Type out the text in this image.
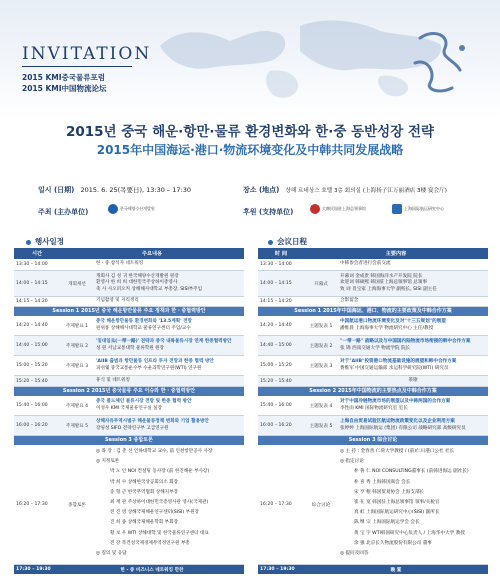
INVITATION
2015 KMI중국물류포럼
2015 KMI中国物流论坛
2015년 중국 해운·항만·물류 환경변화와 한·중 동반성장 전략
2015年中国海运·港口·物流环境变化及中韩共同发展战略
일시 (日期) 2015. 6. 25(목要日), 13:30 – 17:30	장소 (地点) 상해 르네상스 호텔 3층 회의실 (上海扬子江万丽酒店 3楼 宴会厅)
주최 (主办单位)	한국해양수산개발원	후원 (支持单位)	大韩民国驻上海总领事馆	上海国际航运研究中心
행사일정	会议日程
시간	주요내용
13:30 – 14:00	한 · 중 참석자 네트워킹
14:00 – 14:15	개회세션
개회사 김 성 귀 한국해양수산개발원 원장
환영사 한 희 희 대한민국주상하이총영사
축 사 사오퍼오커 상해해사대학교 부총장, SISI부주임
14:15 – 14:20	기념촬영 및 자리정리
Session 1 2015년 중국 해운항만물류 주요 정책과 한 · 중협력방안
14:20 – 14:40	주제발표 1
중국 해운항만물류 환경변화와 '13.5계획' 전망
펀위룽 상해해사대학교 물류연구센터 주임/교수
14:40 – 15:00	주제발표 2
'일대일로(一带一路)' 전략과 중국 내륙물류시장 연계 한중협력방안
성 원 서남교통대학 물류학원 원장
15:00 – 15:20	주제발표 3
'AIIB 출범과 항만물류 인프라 투자 전망과 한중 협력 방안
피쉬웨 중국교통운수부 수운과학연구원(WTI) 연구원
15:20 – 15:40	휴식 및 네트워킹
Session 2 2015년 중국물류 주요 이슈와 한 · 중협력방안
15:40 – 16:00	주제발표 4
중국 콜드체인 물류시장 전망 및 한중 협력 방안
이성우 KMI 국제물류연구실 실장
16:00 – 16:20	주제발표 5
상해자유무역시범구 해운물류정책 변화와 기업 활용방안
장핑성 SIFO 전략연구부 고급연구원
Session 3 종합토론
16:20 – 17:30	종합토론
◎ 좌 장 : 김 춘 선 인하대학교 교수, 前 인천항만공사 사장
◎ 지정토론
박 노 인 NOI 컨설팅 동사장 (前 한진해운 부사장)
박 희 수 상해한국상공회의소 회장
송 형 근 한국무역협회 상해지부장
최 재 관 주상하이대한민국총영사관 영사(국제관)
전 진 영 상해국제해운연구센터(SISI) 부원장
진 희 종 상해국제해운학회 부회장
황 보 우 WTI 상해대학 및 한국물류연구센터 대표
전 강 복건성국제경제무역정연구원 부총
◎ 질의 및 응답
17:30 – 19:30	한 · 중 비즈니스 네트워킹 만찬
时 间	主要内容
13:30 – 14:00	中韩参会者进行会前交流
14:00 – 14:15	开幕式
开幕词 金成贵 韩国海洋水产开发院 院长
欢迎词 韩硕熙 韩国驻上海总领事馆 总领事
致 词 肖宝家 上海海事大学 副校长, SISI 副主任
14:15 – 14:20	合影留念
Session 1 2015年中国海运、港口、物流的主要政策及中韩合作方案
14:20 – 14:40	主题发表 1
中国航运港口物流环境变化及对"十三五规划"的展望
潘维晨 上海海事大学 物流研究中心 主任/教授
14:40 – 15:00	主题发表 2
"一带一路" 战略以及与中国国内陆物流市场衔接的韩中合作方案
张 锦 西南交通大学 物流学院 院长
15:00 – 15:20	主题发表 3
对于"AIIB"投资港口物流基础设施的展望和韩中合作方案
费维军 中国交通运输部 水运科学研究院(WTI) 研究员
15:20 – 15:40	茶歇
Session 2 2015年中国物流的主要热点及中韩合作方案
15:40 – 16:00	主题发表 4
对于中国冷链物流市场的展望以及中韩两国的合作方案
李性雨 KMI 国际物流研究室 室长
16:00 – 16:20	主题发表 5
上海自由贸易试验区航运物流政策变化以及企业利用方案
张婷婷 上海国际航运 (集团) 有限公司 战略研究部 高级研究员
Session 3 综合讨论
16:20 – 17:30	综合讨论
◎ 主 持 : 金春善 仁荷大学教授 / (前)仁川港口公社 社长
◎ 指定讨论
朴 鲁 仁 NOI CONSULTING董事长 (前韩进海运 副社长)
朴 喜 秀 上海韩国商会 会长
宋 亨 根 韩国贸易协会 上海支部长
崔 在 宽 韩国驻上海总领事馆 领事/关税官
真 虹 上海国际航运研究中心(SISI) 副所长
陈 继 宗 上海国际航运学会 会长
黄 宝 宇 WTI韩国研究中心负责人 / 上海华中大学 教授
余 强 北京长久物流股份有限公司 董事
◎ 提问及回答
17:30 – 19:30	晚 宴
